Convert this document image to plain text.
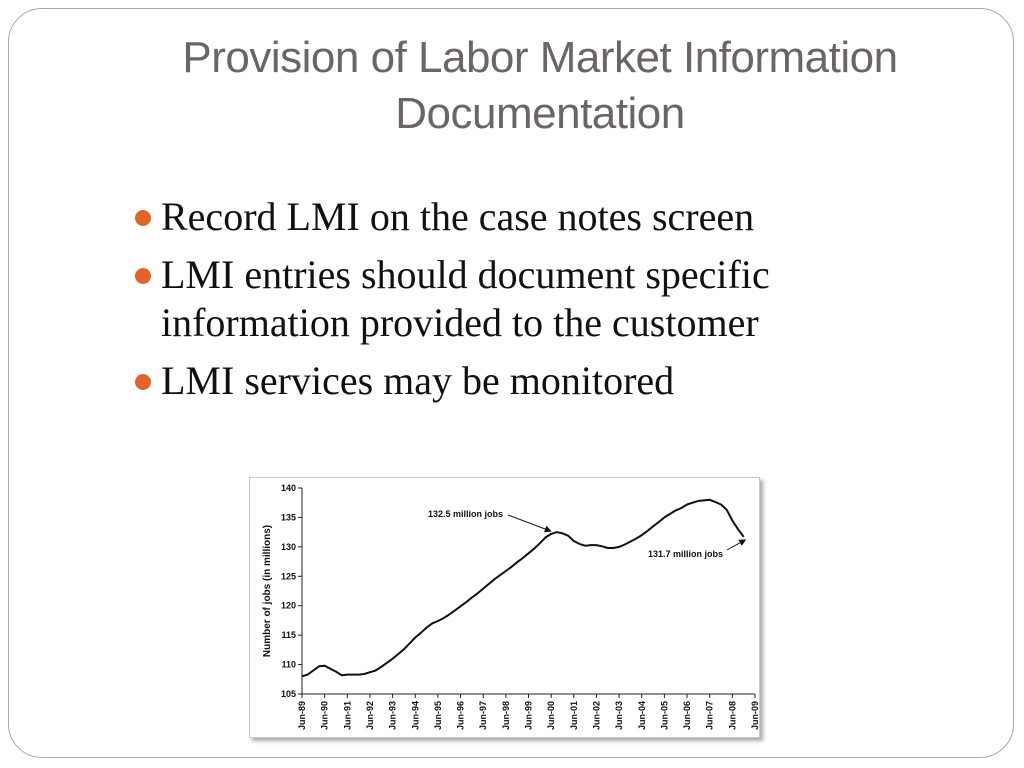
Provision of Labor Market Information
Documentation
Record LMI on the case notes screen
LMI entries should document specific
information provided to the customer
LMI services may be monitored
140
135
130
125
120
115
110
105
Jun-89 Jun-90 Jun-91 Jun-92 Jun-93 Jun-94 Jun-95 Jun-96 Jun-97 Jun-98 Jun-99 Jun-00 Jun-01 Jun-02 Jun-03 Jun-04 Jun-05 Jun-06 Jun-07 Jun-08 Jun-09
Number of jobs (in millions)
132.5 million jobs
131.7 million jobs
